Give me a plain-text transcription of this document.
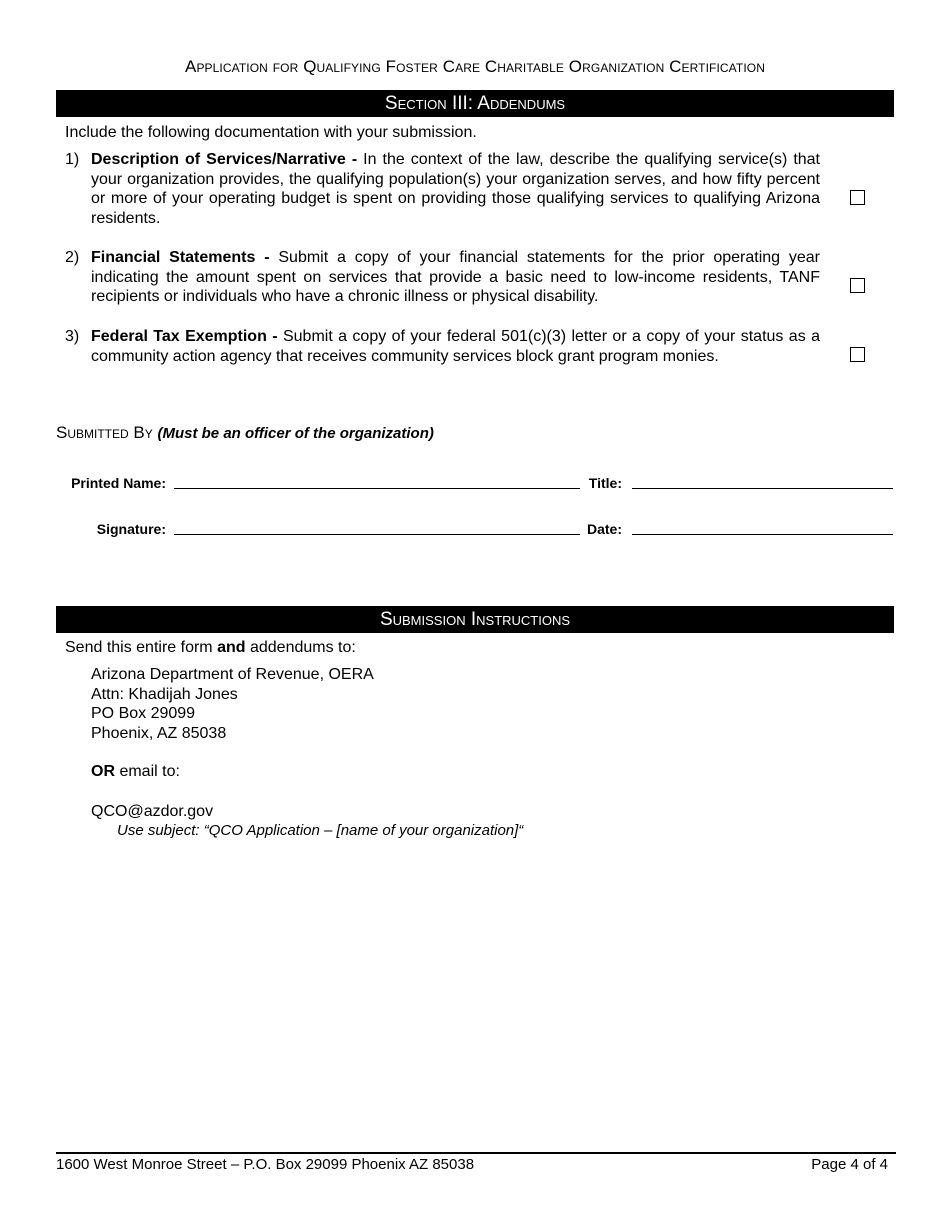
Application for Qualifying Foster Care Charitable Organization Certification
Section III: Addendums
Include the following documentation with your submission.
1) Description of Services/Narrative - In the context of the law, describe the qualifying service(s) that your organization provides, the qualifying population(s) your organization serves, and how fifty percent or more of your operating budget is spent on providing those qualifying services to qualifying Arizona residents.
2) Financial Statements - Submit a copy of your financial statements for the prior operating year indicating the amount spent on services that provide a basic need to low-income residents, TANF recipients or individuals who have a chronic illness or physical disability.
3) Federal Tax Exemption - Submit a copy of your federal 501(c)(3) letter or a copy of your status as a community action agency that receives community services block grant program monies.
Submitted By (Must be an officer of the organization)
Printed Name:	Title:
Signature:	Date:
Submission Instructions
Send this entire form and addendums to:
Arizona Department of Revenue, OERA
Attn: Khadijah Jones
PO Box 29099
Phoenix, AZ 85038
OR email to:
QCO@azdor.gov
Use subject: “QCO Application – [name of your organization]“
1600 West Monroe Street – P.O. Box 29099 Phoenix AZ 85038	Page 4 of 4
